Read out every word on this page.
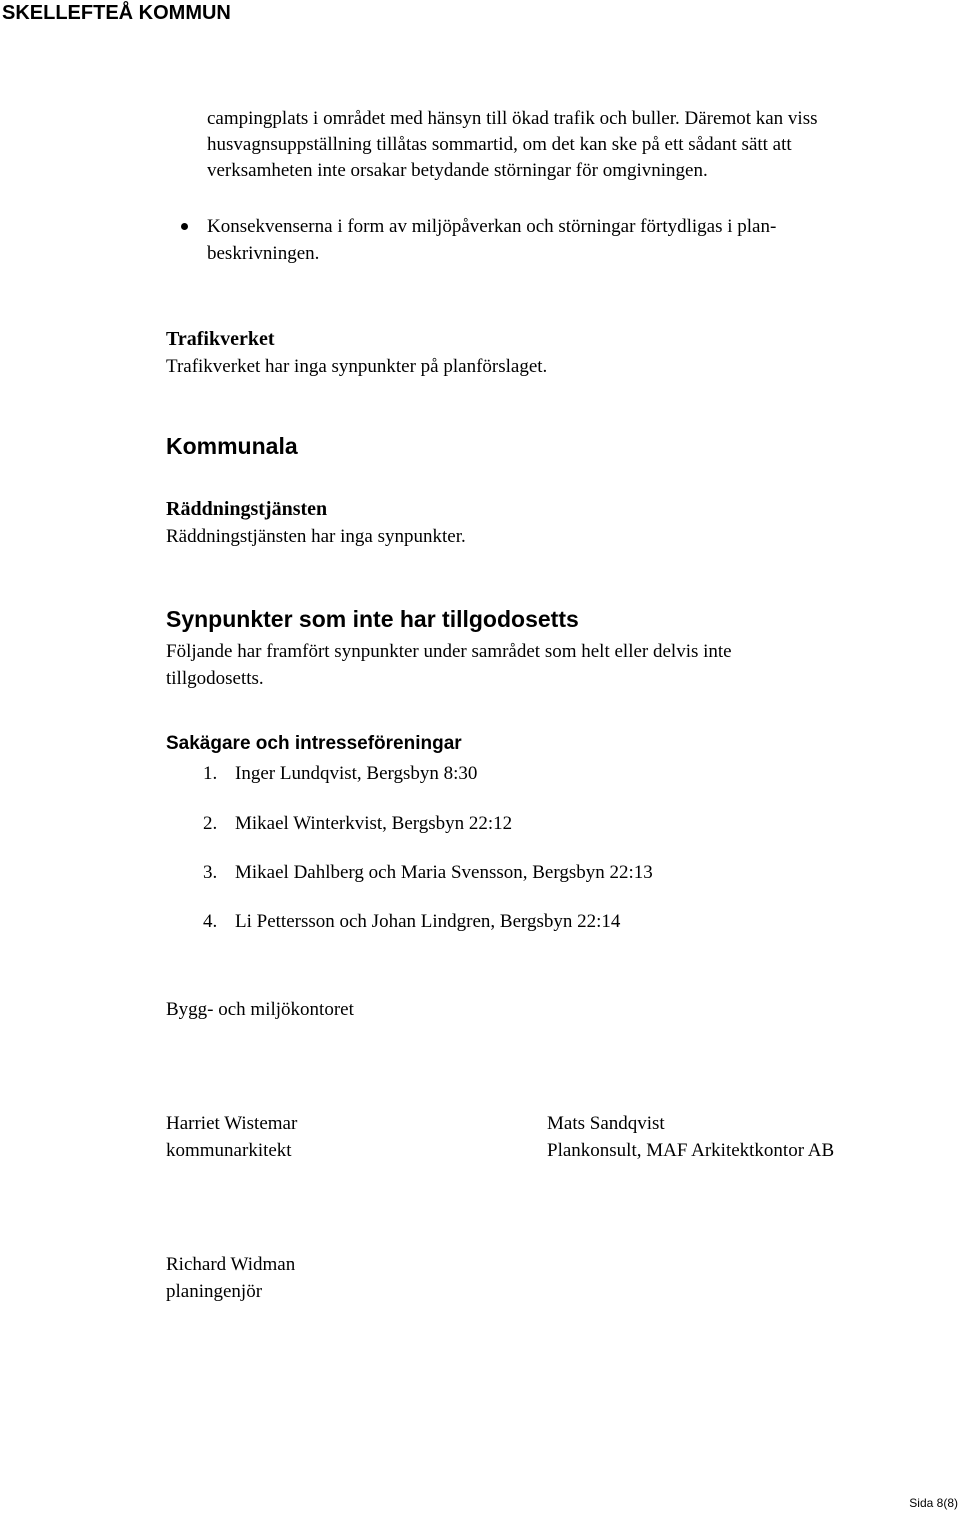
SKELLEFTEÅ KOMMUN
campingplats i området med hänsyn till ökad trafik och buller. Däremot kan viss
husvagnsuppställning tillåtas sommartid, om det kan ske på ett sådant sätt att
verksamheten inte orsakar betydande störningar för omgivningen.
Konsekvenserna i form av miljöpåverkan och störningar förtydligas i plan-
beskrivningen.
Trafikverket
Trafikverket har inga synpunkter på planförslaget.
Kommunala
Räddningstjänsten
Räddningstjänsten har inga synpunkter.
Synpunkter som inte har tillgodosetts
Följande har framfört synpunkter under samrådet som helt eller delvis inte
tillgodosetts.
Sakägare och intresseföreningar
1. Inger Lundqvist, Bergsbyn 8:30
2. Mikael Winterkvist, Bergsbyn 22:12
3. Mikael Dahlberg och Maria Svensson, Bergsbyn 22:13
4. Li Pettersson och Johan Lindgren, Bergsbyn 22:14
Bygg- och miljökontoret
Harriet Wistemar
kommunarkitekt
Mats Sandqvist
Plankonsult, MAF Arkitektkontor AB
Richard Widman
planingenjör
Sida 8(8)
